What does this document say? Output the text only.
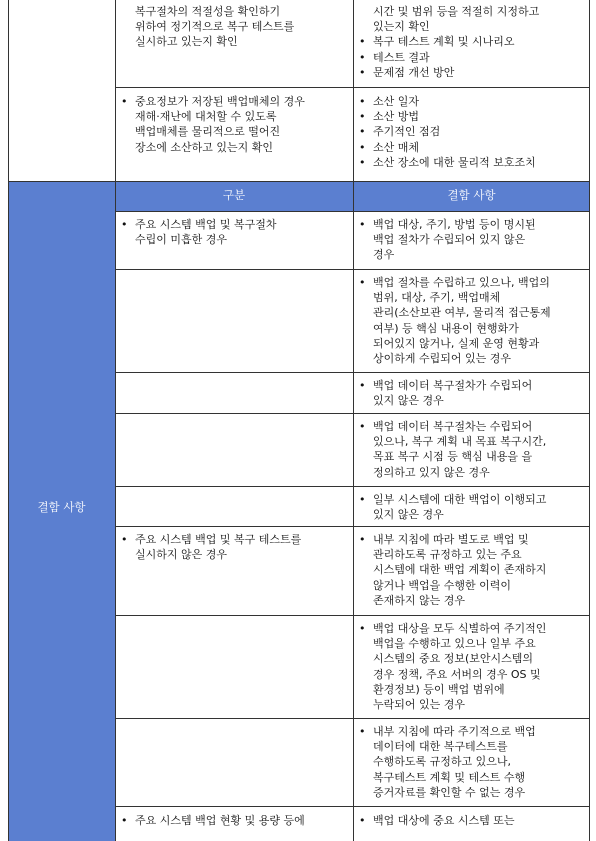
결함 사항
구분	결함 사항
복구절차의 적절성을 확인하기
위하여 정기적으로 복구 테스트를
실시하고 있는지 확인
시간 및 범위 등을 적절히 지정하고
있는지 확인
• 복구 테스트 계획 및 시나리오
• 테스트 결과
• 문제점 개선 방안
• 중요정보가 저장된 백업매체의 경우
재해·재난에 대처할 수 있도록
백업매체를 물리적으로 떨어진
장소에 소산하고 있는지 확인
• 소산 일자
• 소산 방법
• 주기적인 점검
• 소산 매체
• 소산 장소에 대한 물리적 보호조치
• 주요 시스템 백업 및 복구절차
수립이 미흡한 경우
• 백업 대상, 주기, 방법 등이 명시된
백업 절차가 수립되어 있지 않은
경우
• 백업 절차를 수립하고 있으나, 백업의
범위, 대상, 주기, 백업매체
관리(소산보관 여부, 물리적 접근통제
여부) 등 핵심 내용이 현행화가
되어있지 않거나, 실제 운영 현황과
상이하게 수립되어 있는 경우
• 백업 데이터 복구절차가 수립되어
있지 않은 경우
• 백업 데이터 복구절차는 수립되어
있으나, 복구 계획 내 목표 복구시간,
목표 복구 시점 등 핵심 내용을 을
정의하고 있지 않은 경우
• 일부 시스템에 대한 백업이 이행되고
있지 않은 경우
• 주요 시스템 백업 및 복구 테스트를
실시하지 않은 경우
• 내부 지침에 따라 별도로 백업 및
관리하도록 규정하고 있는 주요
시스템에 대한 백업 계획이 존재하지
않거나 백업을 수행한 이력이
존재하지 않는 경우
• 백업 대상을 모두 식별하여 주기적인
백업을 수행하고 있으나 일부 주요
시스템의 중요 정보(보안시스템의
경우 정책, 주요 서버의 경우 OS 및
환경정보) 등이 백업 범위에
누락되어 있는 경우
• 내부 지침에 따라 주기적으로 백업
데이터에 대한 복구테스트를
수행하도록 규정하고 있으나,
복구테스트 계획 및 테스트 수행
증거자료를 확인할 수 없는 경우
• 주요 시스템 백업 현황 및 용량 등에
•	백업 대상에 중요 시스템 또는
